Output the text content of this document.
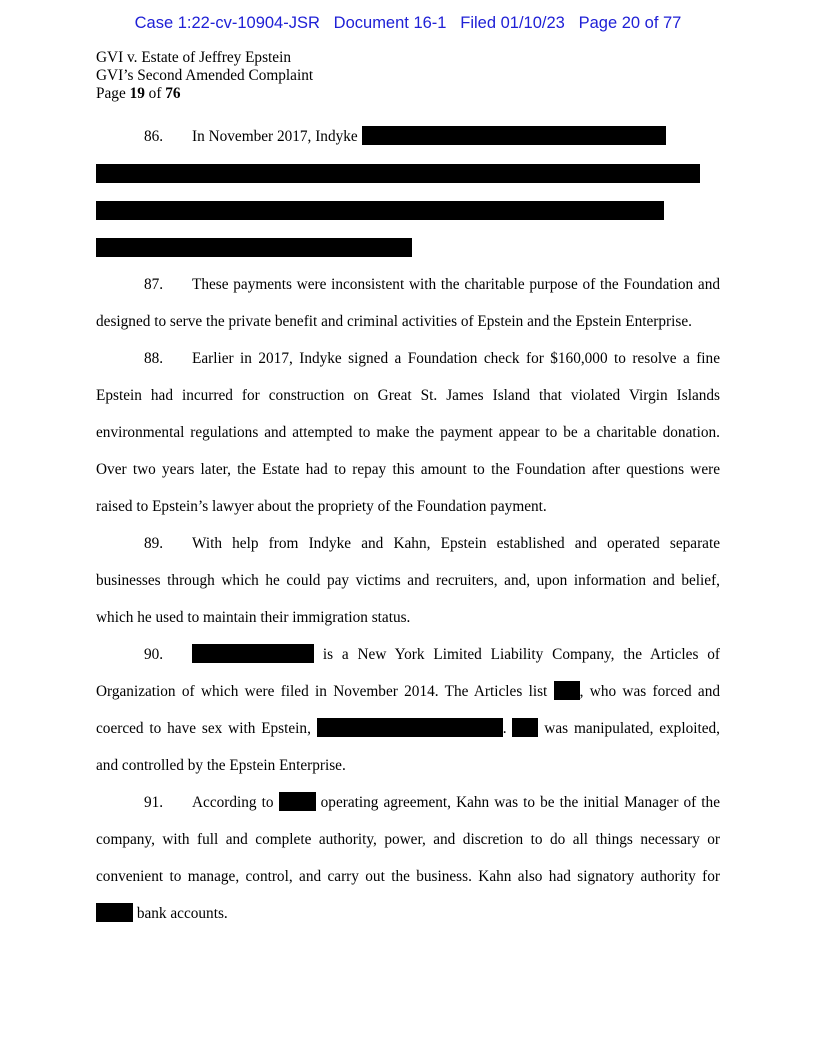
Case 1:22-cv-10904-JSR Document 16-1 Filed 01/10/23 Page 20 of 77
GVI v. Estate of Jeffrey Epstein
GVI’s Second Amended Complaint
Page 19 of 76
86. In November 2017, Indyke
87. These payments were inconsistent with the charitable purpose of the Foundation and designed to serve the private benefit and criminal activities of Epstein and the Epstein Enterprise.
88. Earlier in 2017, Indyke signed a Foundation check for $160,000 to resolve a fine Epstein had incurred for construction on Great St. James Island that violated Virgin Islands environmental regulations and attempted to make the payment appear to be a charitable donation. Over two years later, the Estate had to repay this amount to the Foundation after questions were raised to Epstein’s lawyer about the propriety of the Foundation payment.
89. With help from Indyke and Kahn, Epstein established and operated separate businesses through which he could pay victims and recruiters, and, upon information and belief, which he used to maintain their immigration status.
90.	is a New York Limited Liability Company, the Articles of Organization of which were filed in November 2014. The Articles list , who was forced and coerced to have sex with Epstein,	.  was manipulated, exploited, and controlled by the Epstein Enterprise.
91. According to  operating agreement, Kahn was to be the initial Manager of the company, with full and complete authority, power, and discretion to do all things necessary or convenient to manage, control, and carry out the business. Kahn also had signatory authority for  bank accounts.
